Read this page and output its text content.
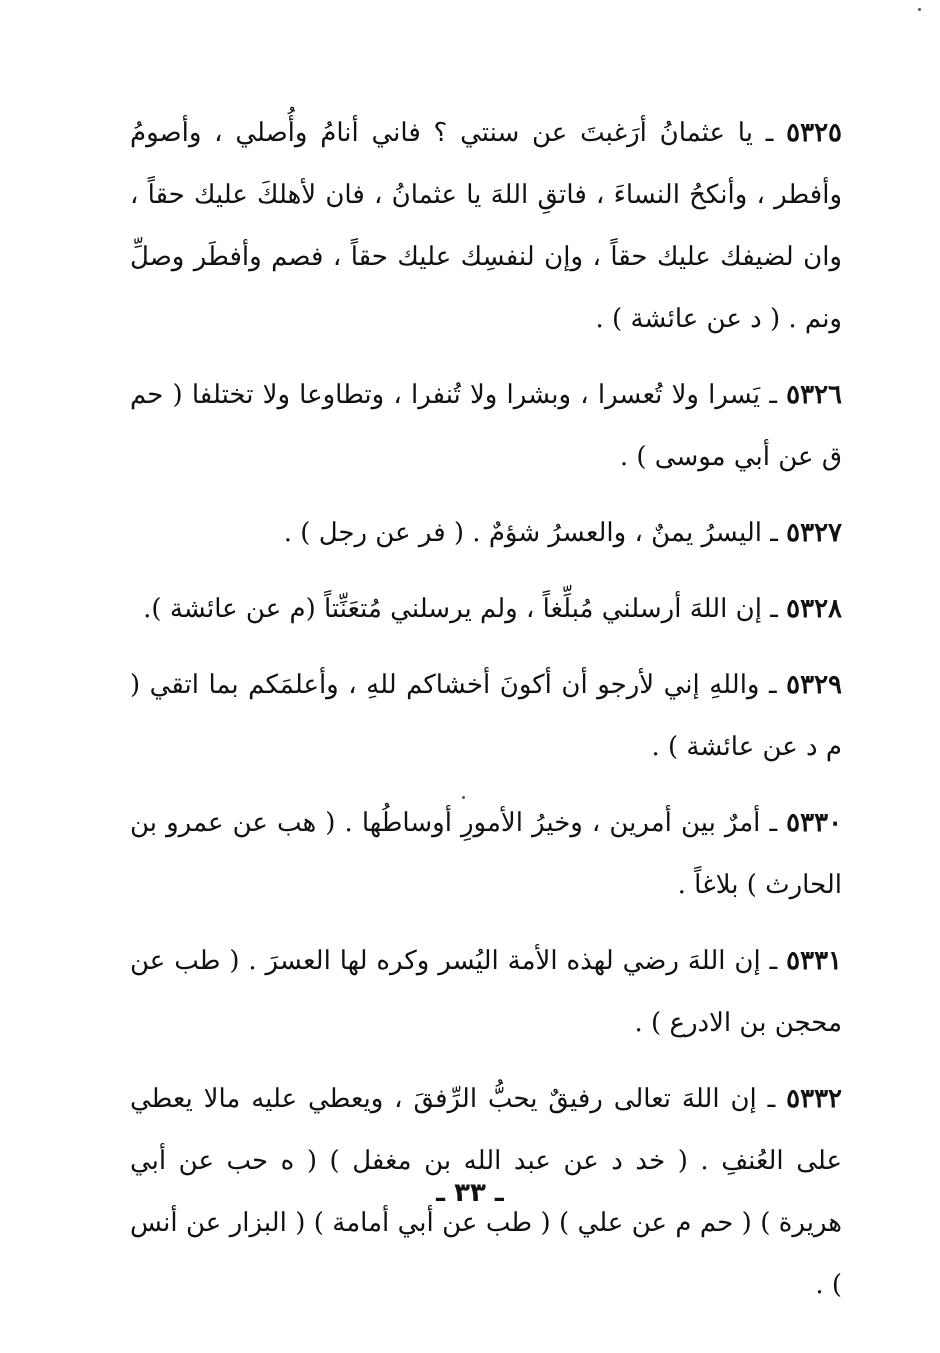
٥٣٢٥ ـ يا عثمانُ أرَغبتَ عن سنتي ؟ فاني أنامُ وأُصلي ، وأصومُ وأفطر ، وأنكحُ النساءَ ، فاتقِ اللهَ يا عثمانُ ، فان لأهلكَ عليك حقاً ، وان لضيفك عليك حقاً ، وإن لنفسِك عليك حقاً ، فصم وأفطَر وصلِّ ونم . ( د عن عائشة ) .

٥٣٢٦ ـ يَسرا ولا تُعسرا ، وبشرا ولا تُنفرا ، وتطاوعا ولا تختلفا ( حم ق عن أبي موسى ) .

٥٣٢٧ ـ اليسرُ يمنٌ ، والعسرُ شؤمٌ . ( فر عن رجل ) .

٥٣٢٨ ـ إن اللهَ أرسلني مُبلِّغاً ، ولم يرسلني مُتعَنِّتاً (م عن عائشة ).

٥٣٢٩ ـ واللهِ إني لأرجو أن أكونَ أخشاكم للهِ ، وأعلمَكم بما اتقي ( م د عن عائشة ) .

٥٣٣٠ ـ أمرٌ بين أمرين ، وخيرُ الأمورِ أوساطُها . ( هب عن عمرو بن الحارث ) بلاغاً .

٥٣٣١ ـ إن اللهَ رضي لهذه الأمة اليُسر وكره لها العسرَ . ( طب عن محجن بن الادرع ) .

٥٣٣٢ ـ إن اللهَ تعالى رفيقٌ يحبُّ الرِّفقَ ، ويعطي عليه مالا يعطي على العُنفِ . ( خد د عن عبد الله بن مغفل ) ( ه حب عن أبي هريرة ) ( حم م عن علي ) ( طب عن أبي أمامة ) ( البزار عن أنس ) .

ـ ٣٣ ـ
